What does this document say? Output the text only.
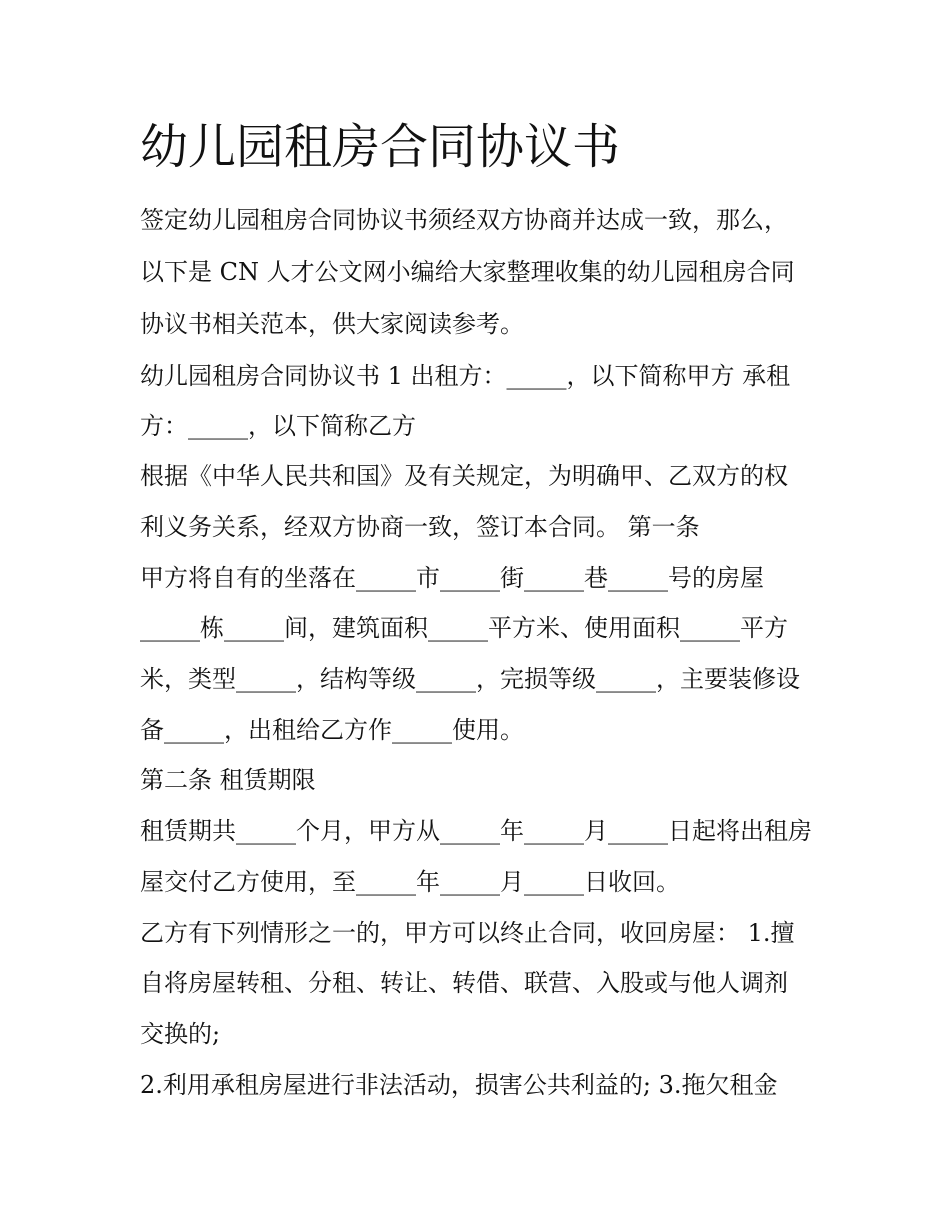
幼儿园租房合同协议书

签定幼儿园租房合同协议书须经双方协商并达成一致，那么，

以下是 CN 人才公文网小编给大家整理收集的幼儿园租房合同

协议书相关范本，供大家阅读参考。

幼儿园租房合同协议书 1 出租方：_____，以下简称甲方 承租

方：_____，以下简称乙方

根据《中华人民共和国》及有关规定，为明确甲、乙双方的权

利义务关系，经双方协商一致，签订本合同。 第一条

甲方将自有的坐落在_____市_____街_____巷_____号的房屋

_____栋_____间，建筑面积_____平方米、使用面积_____平方

米，类型_____，结构等级_____，完损等级_____，主要装修设

备_____，出租给乙方作_____使用。

第二条 租赁期限

租赁期共_____个月，甲方从_____年_____月_____日起将出租房

屋交付乙方使用，至_____年_____月_____日收回。

乙方有下列情形之一的，甲方可以终止合同，收回房屋： 1.擅

自将房屋转租、分租、转让、转借、联营、入股或与他人调剂

交换的;

2.利用承租房屋进行非法活动，损害公共利益的; 3.拖欠租金
